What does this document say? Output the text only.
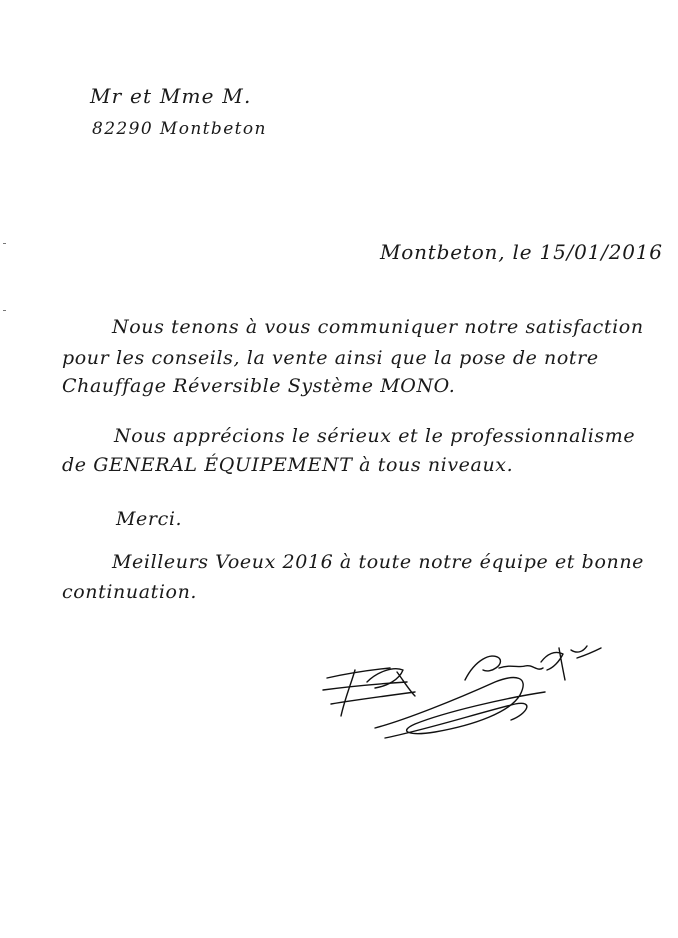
Mr et Mme M.
82290 Montbeton
Montbeton, le 15/01/2016
Nous tenons à vous communiquer notre satisfaction
pour les conseils, la vente ainsi que la pose de notre
Chauffage Réversible Système MONO.
Nous apprécions le sérieux et le professionnalisme
de GENERAL ÉQUIPEMENT à tous niveaux.
Merci.
Meilleurs Voeux 2016 à toute notre équipe et bonne
continuation.
